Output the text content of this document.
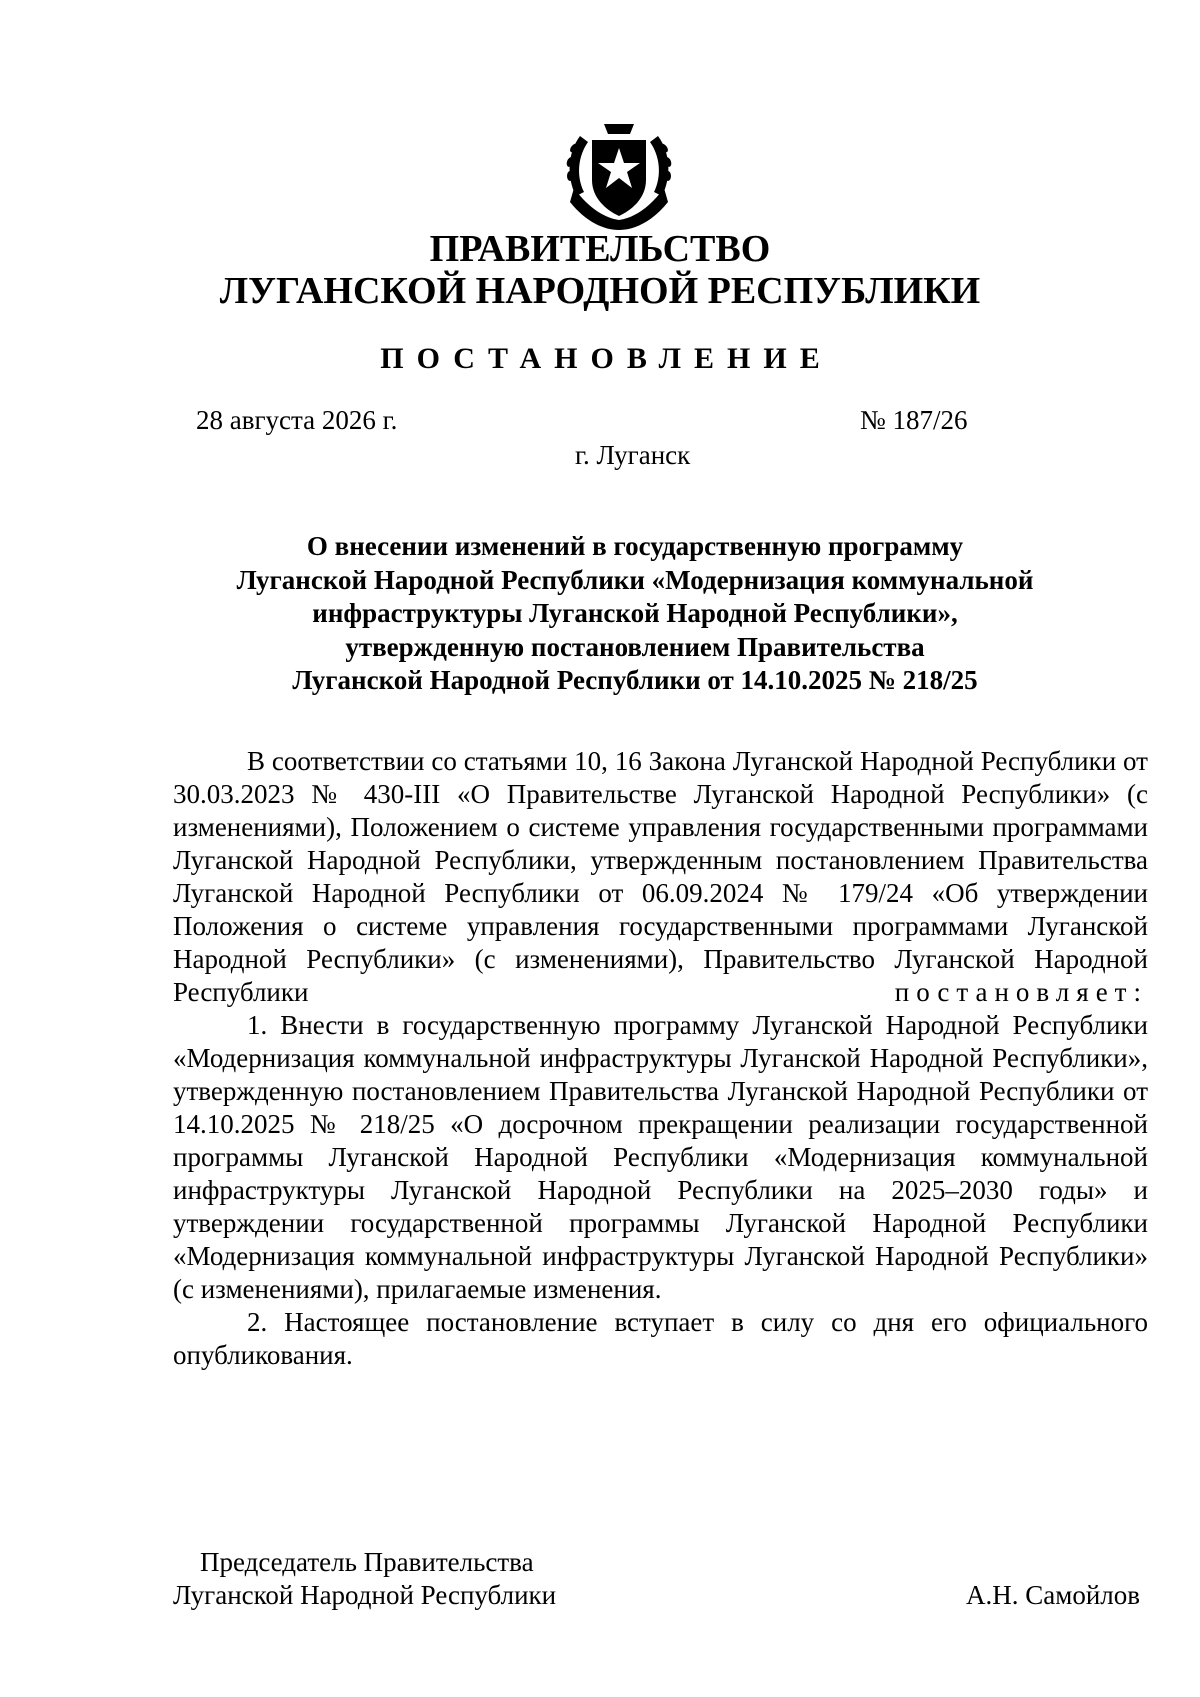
ПРАВИТЕЛЬСТВО
ЛУГАНСКОЙ НАРОДНОЙ РЕСПУБЛИКИ
ПОСТАНОВЛЕНИЕ
28 августа 2026 г.	№ 187/26
г. Луганск
О внесении изменений в государственную программу
Луганской Народной Республики «Модернизация коммунальной
инфраструктуры Луганской Народной Республики»,
утвержденную постановлением Правительства
Луганской Народной Республики от 14.10.2025 № 218/25

В соответствии со статьями 10, 16 Закона Луганской Народной Республики от 30.03.2023 № 430-III «О Правительстве Луганской Народной Республики» (с изменениями), Положением о системе управления государственными программами Луганской Народной Республики, утвержденным постановлением Правительства Луганской Народной Республики от 06.09.2024 № 179/24 «Об утверждении Положения о системе управления государственными программами Луганской Народной Республики» (с изменениями), Правительство Луганской Народной Республики	постановляет:

1. Внести в государственную программу Луганской Народной Республики «Модернизация коммунальной инфраструктуры Луганской Народной Республики», утвержденную постановлением Правительства Луганской Народной Республики от 14.10.2025 № 218/25 «О досрочном прекращении реализации государственной программы Луганской Народной Республики «Модернизация коммунальной инфраструктуры Луганской Народной Республики на 2025–2030 годы» и утверждении государственной программы Луганской Народной Республики «Модернизация коммунальной инфраструктуры Луганской Народной Республики» (с изменениями), прилагаемые изменения.

2. Настоящее постановление вступает в силу со дня его официального опубликования.

Председатель Правительства
Луганской Народной Республики	А.Н. Самойлов
